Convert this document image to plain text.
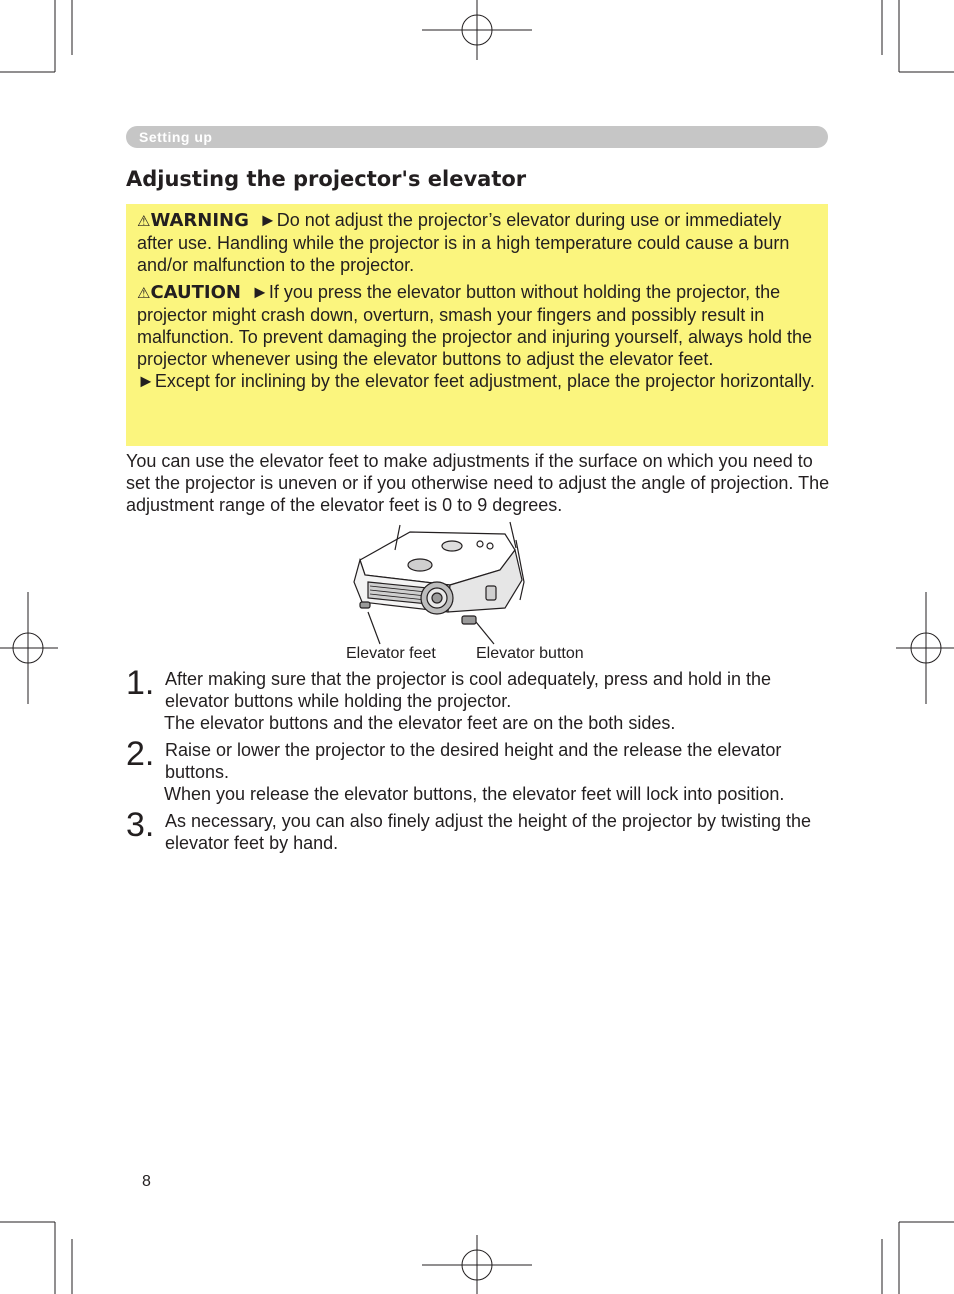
Setting up
Adjusting the projector's elevator

⚠WARNING ►Do not adjust the projector’s elevator during use or immediately after use. Handling while the projector is in a high temperature could cause a burn and/or malfunction to the projector.

⚠CAUTION ►If you press the elevator button without holding the projector, the projector might crash down, overturn, smash your fingers and possibly result in malfunction. To prevent damaging the projector and injuring yourself, always hold the projector whenever using the elevator buttons to adjust the elevator feet.

►Except for inclining by the elevator feet adjustment, place the projector horizontally.

You can use the elevator feet to make adjustments if the surface on which you need to set the projector is uneven or if you otherwise need to adjust the angle of projection. The adjustment range of the elevator feet is 0 to 9 degrees.

Elevator feet	Elevator button
1. After making sure that the projector is cool adequately, press and hold in the elevator buttons while holding the projector.
The elevator buttons and the elevator feet are on the both sides.
2. Raise or lower the projector to the desired height and the release the elevator buttons.
When you release the elevator buttons, the elevator feet will lock into position.
3. As necessary, you can also finely adjust the height of the projector by twisting the elevator feet by hand.
8
